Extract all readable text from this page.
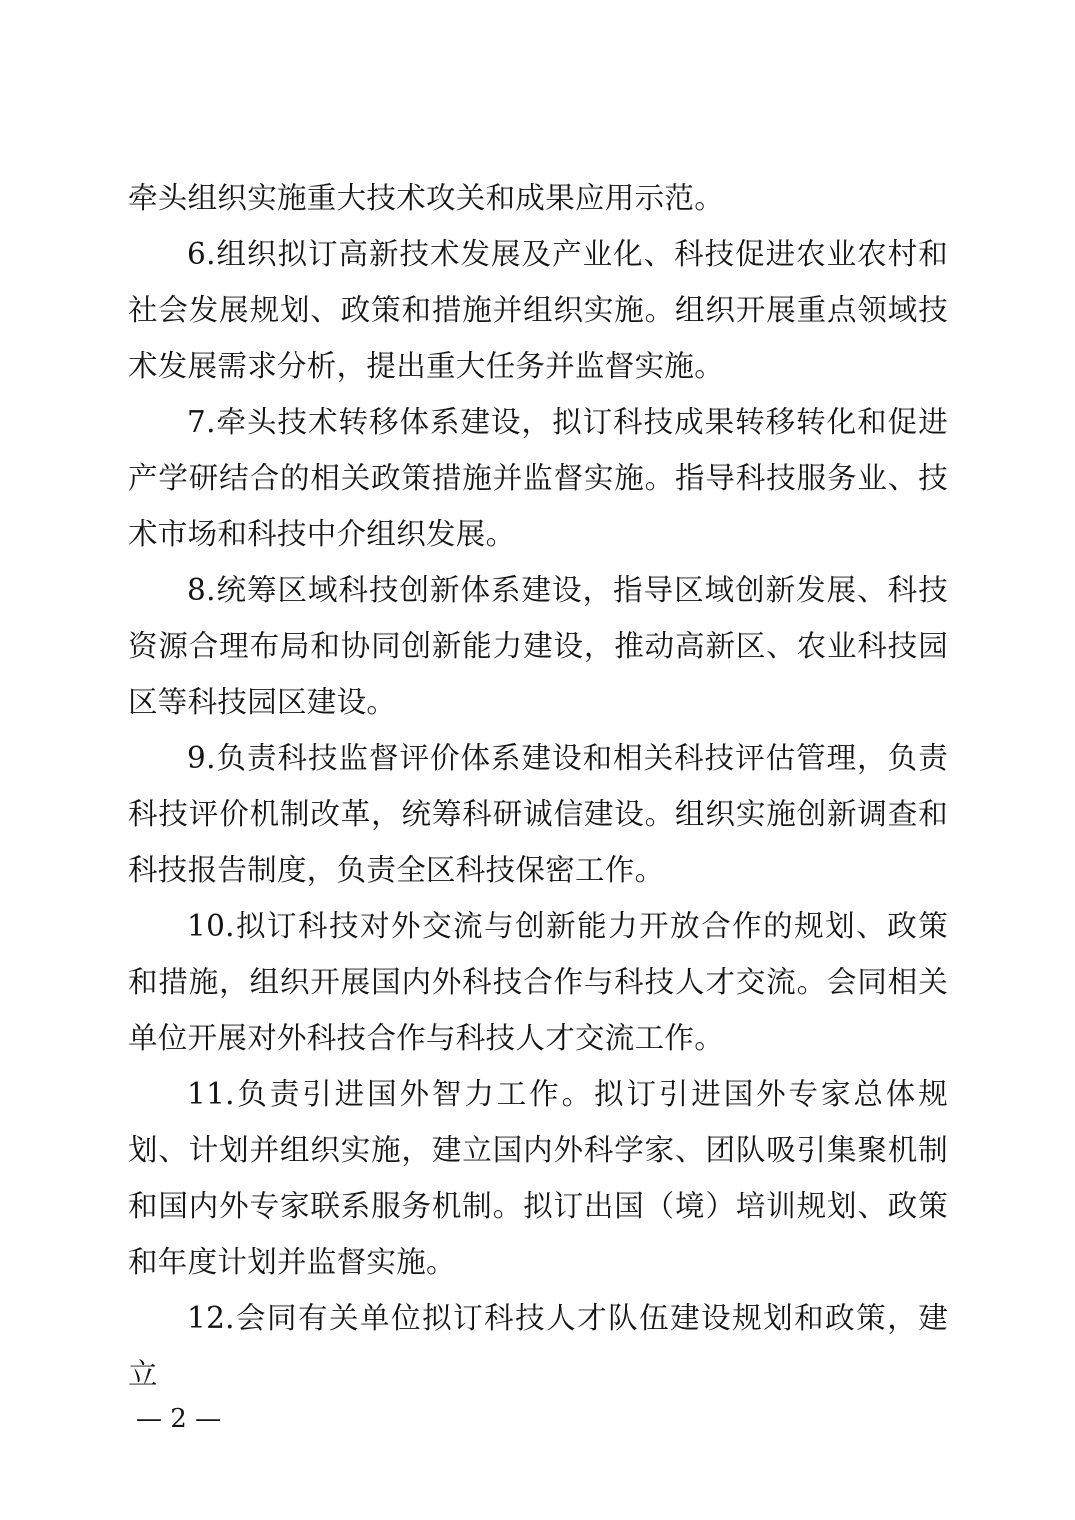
牵头组织实施重大技术攻关和成果应用示范。

6.组织拟订高新技术发展及产业化、科技促进农业农村和社会发展规划、政策和措施并组织实施。组织开展重点领域技术发展需求分析，提出重大任务并监督实施。

7.牵头技术转移体系建设，拟订科技成果转移转化和促进产学研结合的相关政策措施并监督实施。指导科技服务业、技术市场和科技中介组织发展。

8.统筹区域科技创新体系建设，指导区域创新发展、科技资源合理布局和协同创新能力建设，推动高新区、农业科技园区等科技园区建设。

9.负责科技监督评价体系建设和相关科技评估管理，负责科技评价机制改革，统筹科研诚信建设。组织实施创新调查和科技报告制度，负责全区科技保密工作。

10.拟订科技对外交流与创新能力开放合作的规划、政策和措施，组织开展国内外科技合作与科技人才交流。会同相关单位开展对外科技合作与科技人才交流工作。

11.负责引进国外智力工作。拟订引进国外专家总体规划、计划并组织实施，建立国内外科学家、团队吸引集聚机制和国内外专家联系服务机制。拟订出国（境）培训规划、政策和年度计划并监督实施。

12.会同有关单位拟订科技人才队伍建设规划和政策，建立

— 2 —
